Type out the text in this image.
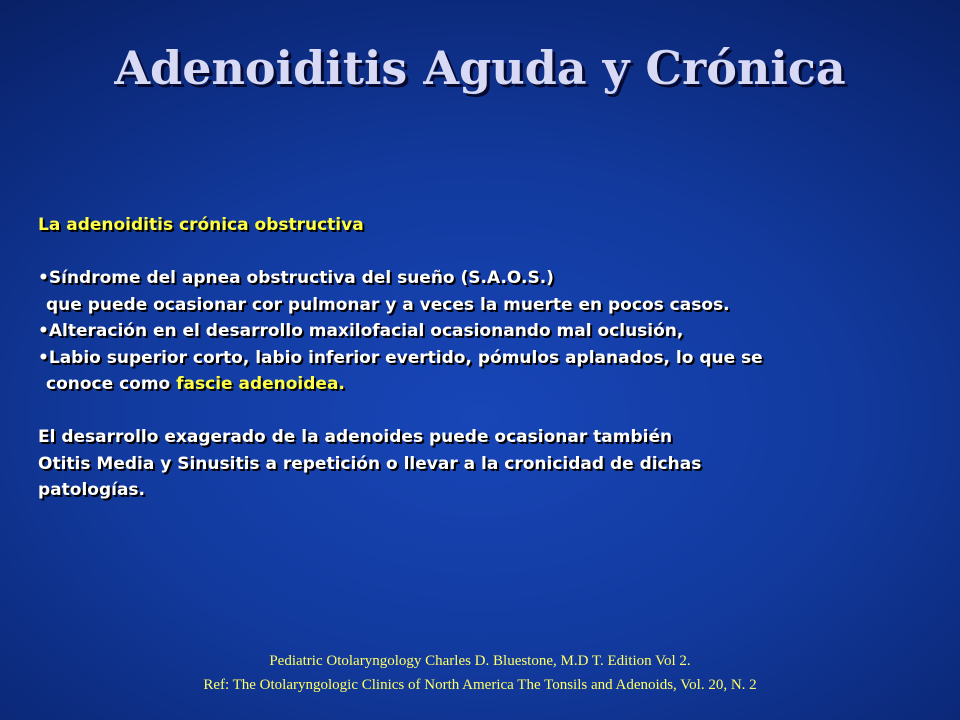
Adenoiditis Aguda y Crónica
La adenoiditis crónica obstructiva
•Síndrome del apnea obstructiva del sueño (S.A.O.S.)
que puede ocasionar cor pulmonar y a veces la muerte en pocos casos.
•Alteración en el desarrollo maxilofacial ocasionando mal oclusión,
•Labio superior corto, labio inferior evertido, pómulos aplanados, lo que se
conoce como fascie adenoidea.
El desarrollo exagerado de la adenoides puede ocasionar también
Otitis Media y Sinusitis a repetición o llevar a la cronicidad de dichas
patologías.
Pediatric Otolaryngology Charles D. Bluestone, M.D T. Edition Vol 2.
Ref: The Otolaryngologic Clinics of North America The Tonsils and Adenoids, Vol. 20, N. 2
